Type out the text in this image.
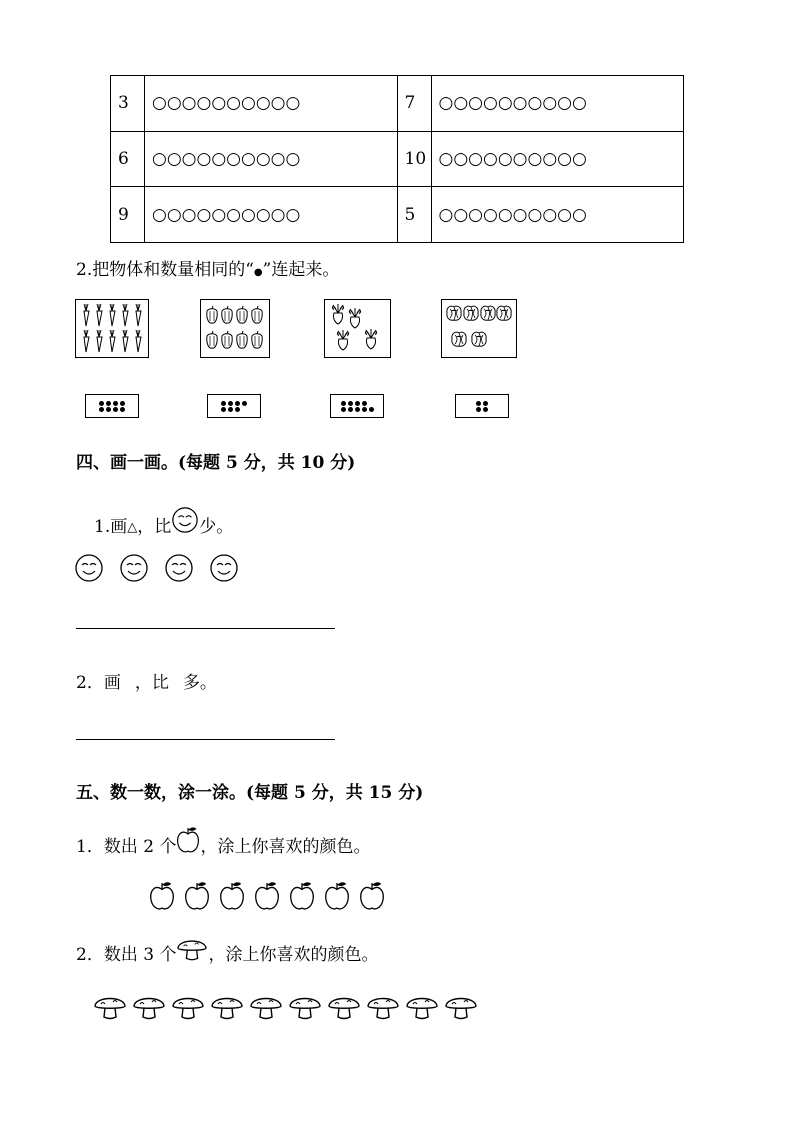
3	○○○○○○○○○○	7	○○○○○○○○○○
6	○○○○○○○○○○	10	○○○○○○○○○○
9	○○○○○○○○○○	5	○○○○○○○○○○
2.把物体和数量相同的“●”连起来。
四、画一画。(每题 5 分，共 10 分)
1.画 △ ，比 少。
2．画 ，比 多。
五、数一数，涂一涂。(每题 5 分，共 15 分)
1．数出 2 个 ，涂上你喜欢的颜色。
2．数出 3 个 ，涂上你喜欢的颜色。
